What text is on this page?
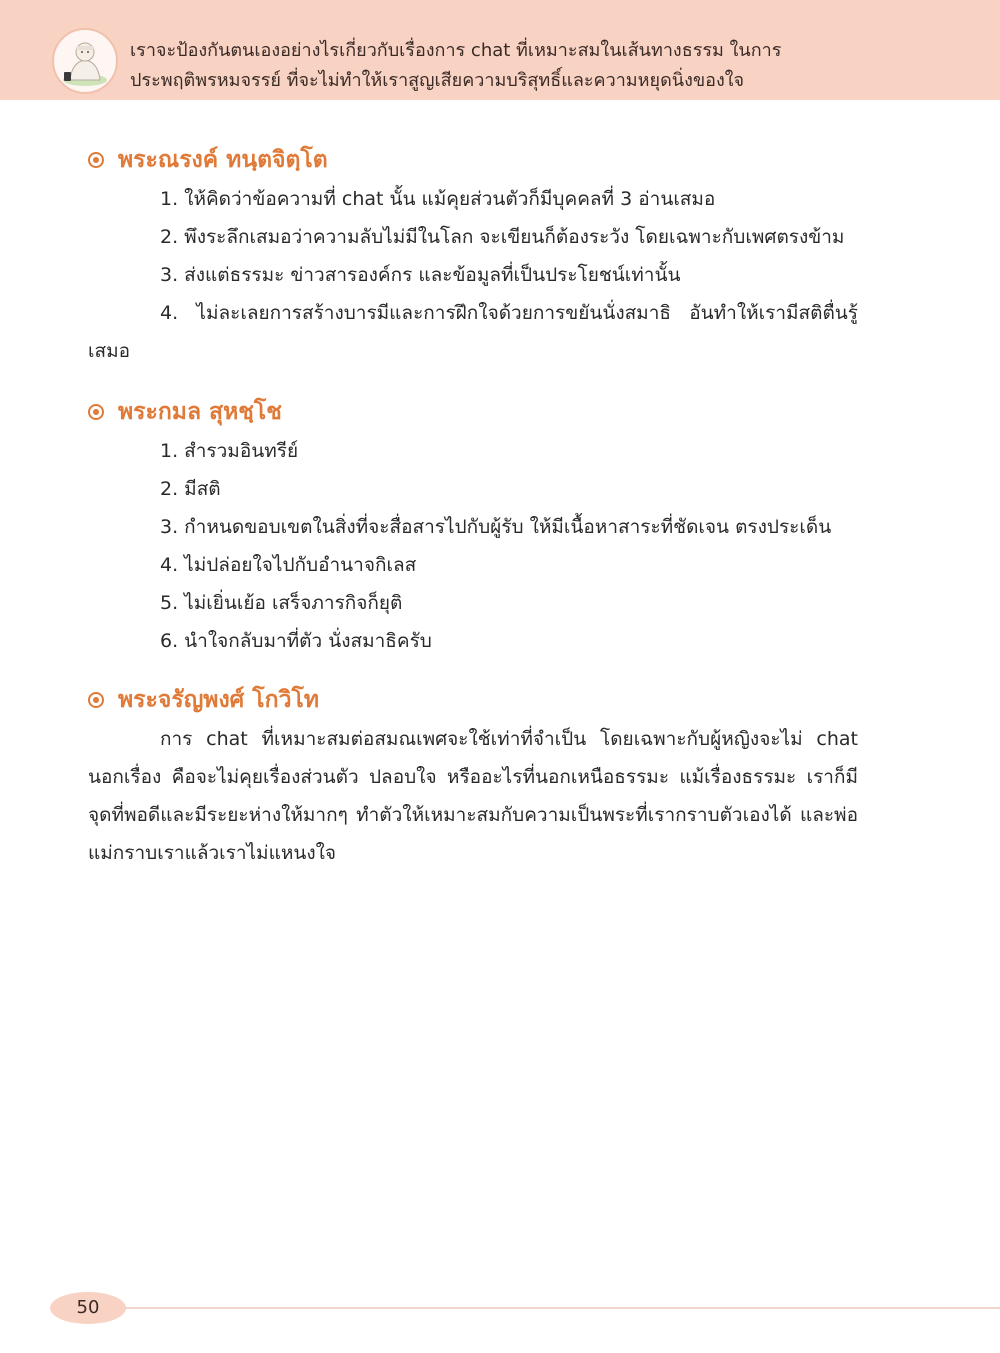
เราจะป้องกันตนเองอย่างไรเกี่ยวกับเรื่องการ chat ที่เหมาะสมในเส้นทางธรรม ในการ
ประพฤติพรหมจรรย์ ที่จะไม่ทำให้เราสูญเสียความบริสุทธิ์และความหยุดนิ่งของใจ
พระณรงค์ ทนฺตจิตฺโต

1. ให้คิดว่าข้อความที่ chat นั้น แม้คุยส่วนตัวก็มีบุคคลที่ 3 อ่านเสมอ

2. พึงระลึกเสมอว่าความลับไม่มีในโลก จะเขียนก็ต้องระวัง โดยเฉพาะกับเพศตรงข้าม

3. ส่งแต่ธรรมะ ข่าวสารองค์กร และข้อมูลที่เป็นประโยชน์เท่านั้น

4. ไม่ละเลยการสร้างบารมีและการฝึกใจด้วยการขยันนั่งสมาธิ อันทำให้เรามีสติตื่นรู้เสมอ

พระกมล สุหชฺโช

1. สำรวมอินทรีย์

2. มีสติ

3. กำหนดขอบเขตในสิ่งที่จะสื่อสารไปกับผู้รับ ให้มีเนื้อหาสาระที่ชัดเจน ตรงประเด็น

4. ไม่ปล่อยใจไปกับอำนาจกิเลส

5. ไม่เยิ่นเย้อ เสร็จภารกิจก็ยุติ

6. นำใจกลับมาที่ตัว นั่งสมาธิครับ

พระจรัญพงศ์ โกวิโท

การ chat ที่เหมาะสมต่อสมณเพศจะใช้เท่าที่จำเป็น โดยเฉพาะกับผู้หญิงจะไม่ chat นอกเรื่อง คือจะไม่คุยเรื่องส่วนตัว ปลอบใจ หรืออะไรที่นอกเหนือธรรมะ แม้เรื่องธรรมะ เราก็มีจุดที่พอดีและมีระยะห่างให้มากๆ ทำตัวให้เหมาะสมกับความเป็นพระที่เรากราบตัวเองได้ และพ่อแม่กราบเราแล้วเราไม่แหนงใจ

50
